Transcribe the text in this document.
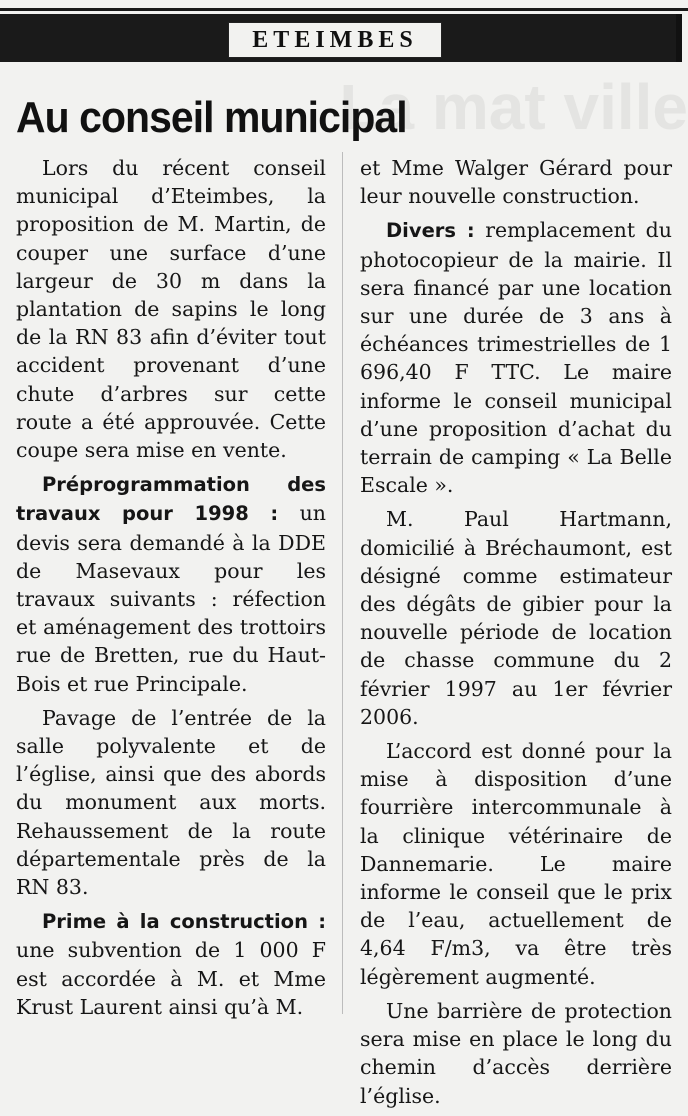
ETEIMBES
La mat ville
Au conseil municipal

Lors du récent conseil municipal d’Eteimbes, la proposition de M. Martin, de couper une surface d’une largeur de 30 m dans la plantation de sapins le long de la RN 83 afin d’éviter tout accident provenant d’une chute d’arbres sur cette route a été approuvée. Cette coupe sera mise en vente.

Préprogrammation des travaux pour 1998 : un devis sera demandé à la DDE de Masevaux pour les travaux suivants : réfection et aménagement des trottoirs rue de Bretten, rue du Haut-Bois et rue Principale.

Pavage de l’entrée de la salle polyvalente et de l’église, ainsi que des abords du monument aux morts. Rehaussement de la route départementale près de la RN 83.

Prime à la construction : une subvention de 1 000 F est accordée à M. et Mme Krust Laurent ainsi qu’à M.

et Mme Walger Gérard pour leur nouvelle construction.

Divers : remplacement du photocopieur de la mairie. Il sera financé par une location sur une durée de 3 ans à échéances trimestrielles de 1 696,40 F TTC. Le maire informe le conseil municipal d’une proposition d’achat du terrain de camping « La Belle Escale ».

M. Paul Hartmann, domicilié à Bréchaumont, est désigné comme estimateur des dégâts de gibier pour la nouvelle période de location de chasse commune du 2 février 1997 au 1er février 2006.

L’accord est donné pour la mise à disposition d’une fourrière intercommunale à la clinique vétérinaire de Dannemarie. Le maire informe le conseil que le prix de l’eau, actuellement de 4,64 F/m3, va être très légèrement augmenté.

Une barrière de protection sera mise en place le long du chemin d’accès derrière l’église.
